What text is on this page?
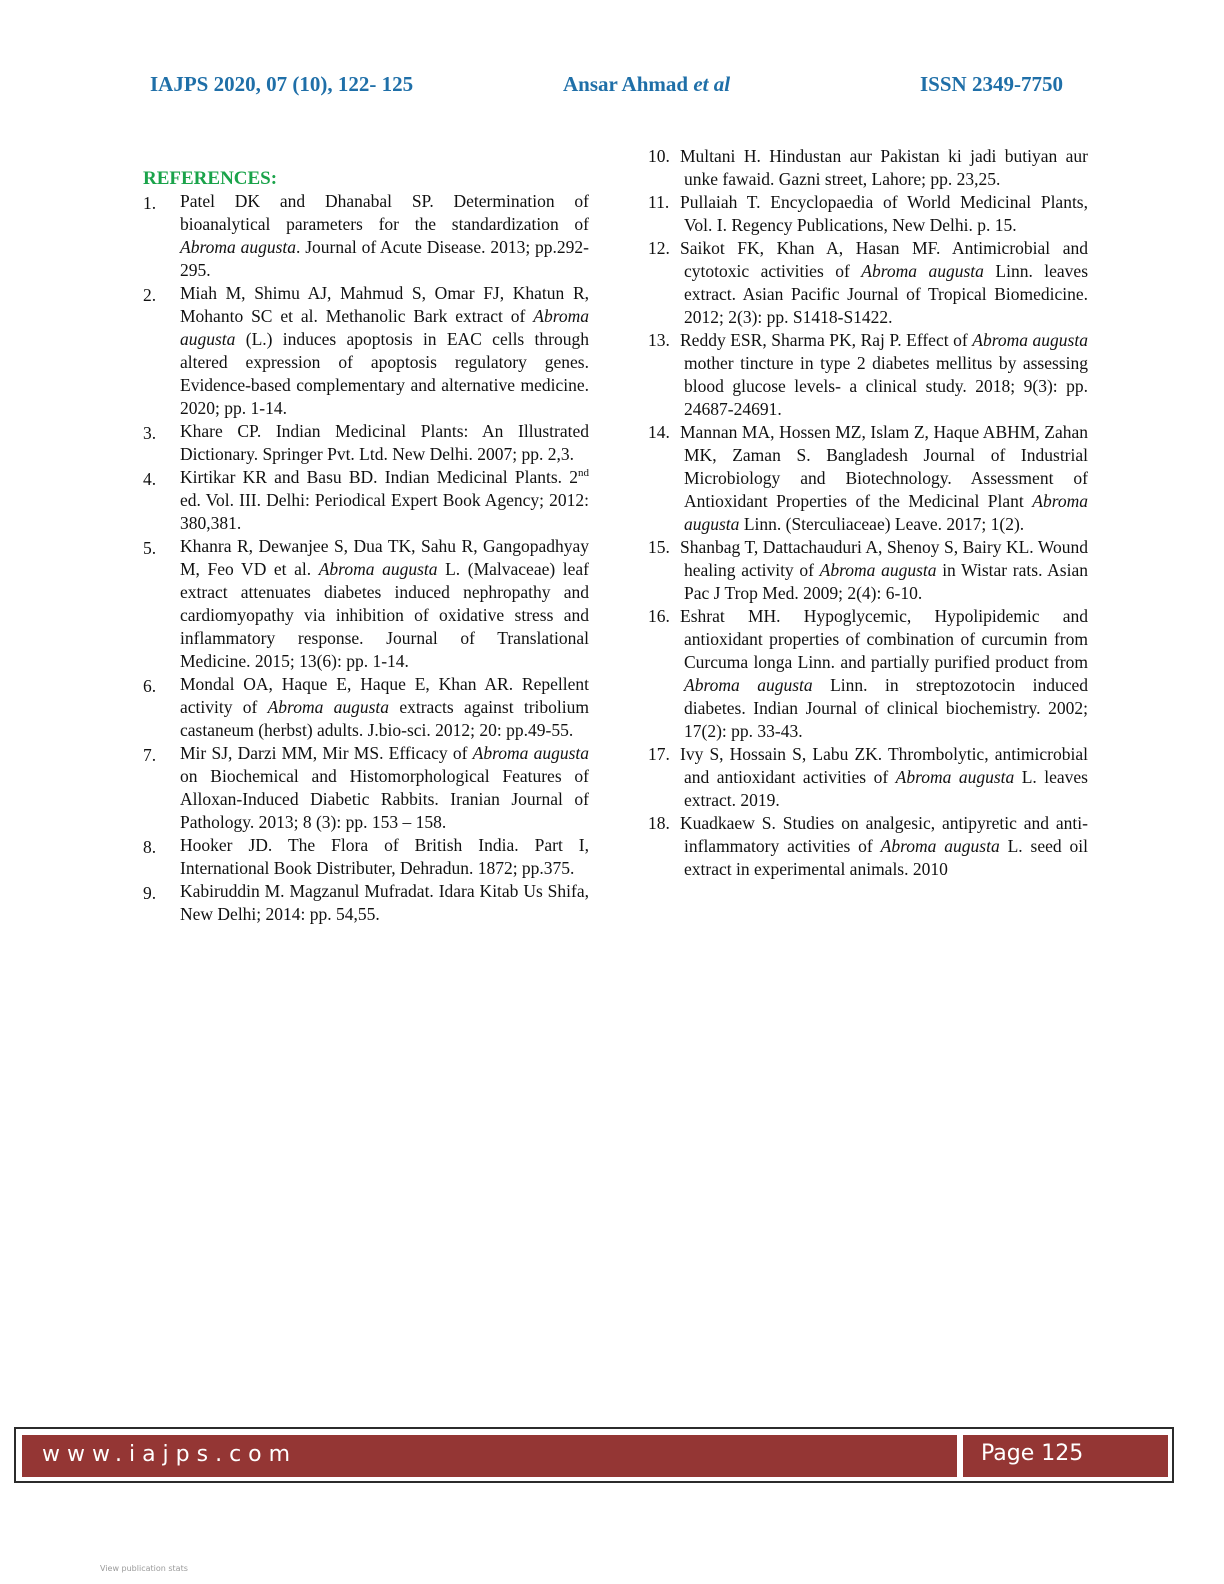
IAJPS 2020, 07 (10), 122- 125	Ansar Ahmad et al	ISSN 2349-7750
REFERENCES:
1. Patel DK and Dhanabal SP. Determination of bioanalytical parameters for the standardization of Abroma augusta. Journal of Acute Disease. 2013; pp.292-295.
2. Miah M, Shimu AJ, Mahmud S, Omar FJ, Khatun R, Mohanto SC et al. Methanolic Bark extract of Abroma augusta (L.) induces apoptosis in EAC cells through altered expression of apoptosis regulatory genes. Evidence-based complementary and alternative medicine. 2020; pp. 1-14.
3. Khare CP. Indian Medicinal Plants: An Illustrated Dictionary. Springer Pvt. Ltd. New Delhi. 2007; pp. 2,3.
4. Kirtikar KR and Basu BD. Indian Medicinal Plants. 2nd ed. Vol. III. Delhi: Periodical Expert Book Agency; 2012: 380,381.
5. Khanra R, Dewanjee S, Dua TK, Sahu R, Gangopadhyay M, Feo VD et al. Abroma augusta L. (Malvaceae) leaf extract attenuates diabetes induced nephropathy and cardiomyopathy via inhibition of oxidative stress and inflammatory response. Journal of Translational Medicine. 2015; 13(6): pp. 1-14.
6. Mondal OA, Haque E, Haque E, Khan AR. Repellent activity of Abroma augusta extracts against tribolium castaneum (herbst) adults. J.bio-sci. 2012; 20: pp.49-55.
7. Mir SJ, Darzi MM, Mir MS. Efficacy of Abroma augusta on Biochemical and Histomorphological Features of Alloxan-Induced Diabetic Rabbits. Iranian Journal of Pathology. 2013; 8 (3): pp. 153 – 158.
8. Hooker JD. The Flora of British India. Part I, International Book Distributer, Dehradun. 1872; pp.375.
9. Kabiruddin M. Magzanul Mufradat. Idara Kitab Us Shifa, New Delhi; 2014: pp. 54,55.
10. Multani H. Hindustan aur Pakistan ki jadi butiyan aur unke fawaid. Gazni street, Lahore; pp. 23,25.
11. Pullaiah T. Encyclopaedia of World Medicinal Plants, Vol. I. Regency Publications, New Delhi. p. 15.
12. Saikot FK, Khan A, Hasan MF. Antimicrobial and cytotoxic activities of Abroma augusta Linn. leaves extract. Asian Pacific Journal of Tropical Biomedicine. 2012; 2(3): pp. S1418-S1422.
13. Reddy ESR, Sharma PK, Raj P. Effect of Abroma augusta mother tincture in type 2 diabetes mellitus by assessing blood glucose levels- a clinical study. 2018; 9(3): pp. 24687-24691.
14. Mannan MA, Hossen MZ, Islam Z, Haque ABHM, Zahan MK, Zaman S. Bangladesh Journal of Industrial Microbiology and Biotechnology. Assessment of Antioxidant Properties of the Medicinal Plant Abroma augusta Linn. (Sterculiaceae) Leave. 2017; 1(2).
15. Shanbag T, Dattachauduri A, Shenoy S, Bairy KL. Wound healing activity of Abroma augusta in Wistar rats. Asian Pac J Trop Med. 2009; 2(4): 6-10.
16. Eshrat MH. Hypoglycemic, Hypolipidemic and antioxidant properties of combination of curcumin from Curcuma longa Linn. and partially purified product from Abroma augusta Linn. in streptozotocin induced diabetes. Indian Journal of clinical biochemistry. 2002; 17(2): pp. 33-43.
17. Ivy S, Hossain S, Labu ZK. Thrombolytic, antimicrobial and antioxidant activities of Abroma augusta L. leaves extract. 2019.
18. Kuadkaew S. Studies on analgesic, antipyretic and anti-inflammatory activities of Abroma augusta L. seed oil extract in experimental animals. 2010
www.iajps.com	Page 125
View publication stats
